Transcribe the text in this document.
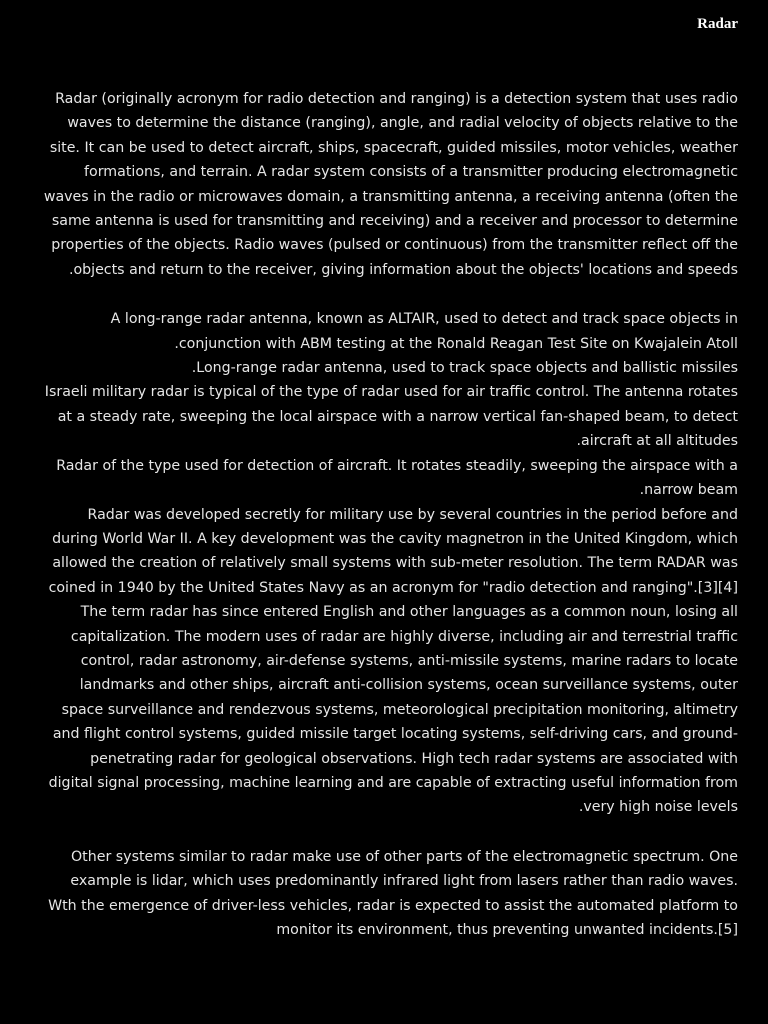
Radar

Radar (originally acronym for radio detection and ranging) is a detection system that uses radio
waves to determine the distance (ranging), angle, and radial velocity of objects relative to the
site. It can be used to detect aircraft, ships, spacecraft, guided missiles, motor vehicles, weather
formations, and terrain. A radar system consists of a transmitter producing electromagnetic
waves in the radio or microwaves domain, a transmitting antenna, a receiving antenna (often the
same antenna is used for transmitting and receiving) and a receiver and processor to determine
properties of the objects. Radio waves (pulsed or continuous) from the transmitter reflect off the
.objects and return to the receiver, giving information about the objects' locations and speeds

A long-range radar antenna, known as ALTAIR, used to detect and track space objects in
.conjunction with ABM testing at the Ronald Reagan Test Site on Kwajalein Atoll

.Long-range radar antenna, used to track space objects and ballistic missiles

Israeli military radar is typical of the type of radar used for air traffic control. The antenna rotates
at a steady rate, sweeping the local airspace with a narrow vertical fan-shaped beam, to detect
.aircraft at all altitudes

Radar of the type used for detection of aircraft. It rotates steadily, sweeping the airspace with a
.narrow beam

Radar was developed secretly for military use by several countries in the period before and
during World War II. A key development was the cavity magnetron in the United Kingdom, which
allowed the creation of relatively small systems with sub-meter resolution. The term RADAR was
coined in 1940 by the United States Navy as an acronym for "radio detection and ranging".[3][4]
The term radar has since entered English and other languages as a common noun, losing all
capitalization. The modern uses of radar are highly diverse, including air and terrestrial traffic
control, radar astronomy, air-defense systems, anti-missile systems, marine radars to locate
landmarks and other ships, aircraft anti-collision systems, ocean surveillance systems, outer
space surveillance and rendezvous systems, meteorological precipitation monitoring, altimetry
and flight control systems, guided missile target locating systems, self-driving cars, and ground-
penetrating radar for geological observations. High tech radar systems are associated with
digital signal processing, machine learning and are capable of extracting useful information from
.very high noise levels

Other systems similar to radar make use of other parts of the electromagnetic spectrum. One
example is lidar, which uses predominantly infrared light from lasers rather than radio waves.
Wth the emergence of driver-less vehicles, radar is expected to assist the automated platform to
monitor its environment, thus preventing unwanted incidents.[5]
